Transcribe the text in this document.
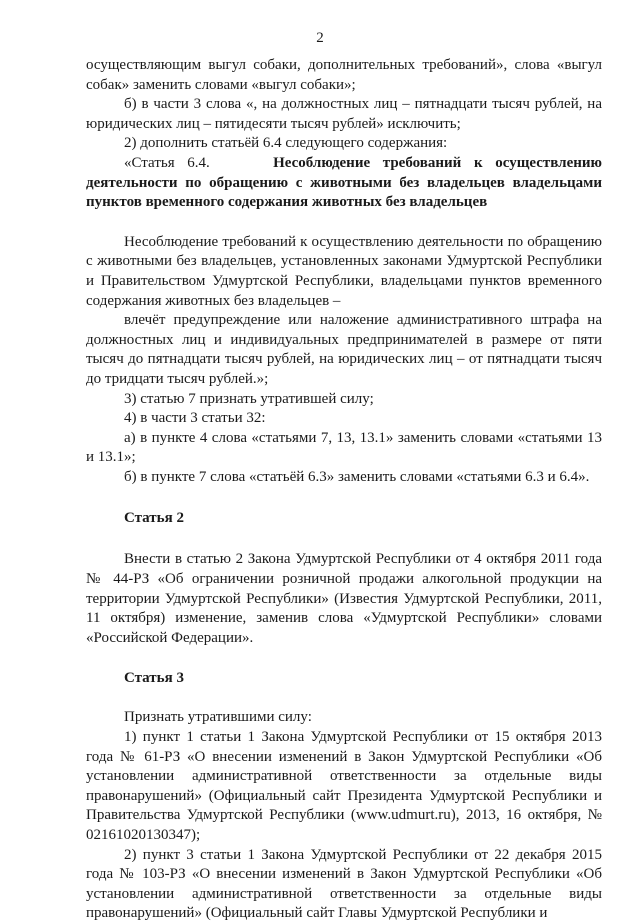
2

осуществляющим выгул собаки, дополнительных требований», слова «выгул собак» заменить словами «выгул собаки»;

б) в части 3 слова «, на должностных лиц – пятнадцати тысяч рублей, на юридических лиц – пятидесяти тысяч рублей» исключить;

2) дополнить статьёй 6.4 следующего содержания:

«Статья 6.4.	Несоблюдение требований к осуществлению деятельности по обращению с животными без владельцев владельцами пунктов временного содержания животных без владельцев

Несоблюдение требований к осуществлению деятельности по обращению с животными без владельцев, установленных законами Удмуртской Республики и Правительством Удмуртской Республики, владельцами пунктов временного содержания животных без владельцев –

влечёт предупреждение или наложение административного штрафа на должностных лиц и индивидуальных предпринимателей в размере от пяти тысяч до пятнадцати тысяч рублей, на юридических лиц – от пятнадцати тысяч до тридцати тысяч рублей.»;

3) статью 7 признать утратившей силу;

4) в части 3 статьи 32:

а) в пункте 4 слова «статьями 7, 13, 13.1» заменить словами «статьями 13 и 13.1»;

б) в пункте 7 слова «статьёй 6.3» заменить словами «статьями 6.3 и 6.4».

Статья 2

Внести в статью 2 Закона Удмуртской Республики от 4 октября 2011 года № 44-РЗ «Об ограничении розничной продажи алкогольной продукции на территории Удмуртской Республики» (Известия Удмуртской Республики, 2011, 11 октября) изменение, заменив слова «Удмуртской Республики» словами «Российской Федерации».

Статья 3

Признать утратившими силу:

1) пункт 1 статьи 1 Закона Удмуртской Республики от 15 октября 2013 года № 61-РЗ «О внесении изменений в Закон Удмуртской Республики «Об установлении административной ответственности за отдельные виды правонарушений» (Официальный сайт Президента Удмуртской Республики и Правительства Удмуртской Республики (www.udmurt.ru), 2013, 16 октября, № 02161020130347);

2) пункт 3 статьи 1 Закона Удмуртской Республики от 22 декабря 2015 года № 103-РЗ «О внесении изменений в Закон Удмуртской Республики «Об установлении административной ответственности за отдельные виды правонарушений» (Официальный сайт Главы Удмуртской Республики и
